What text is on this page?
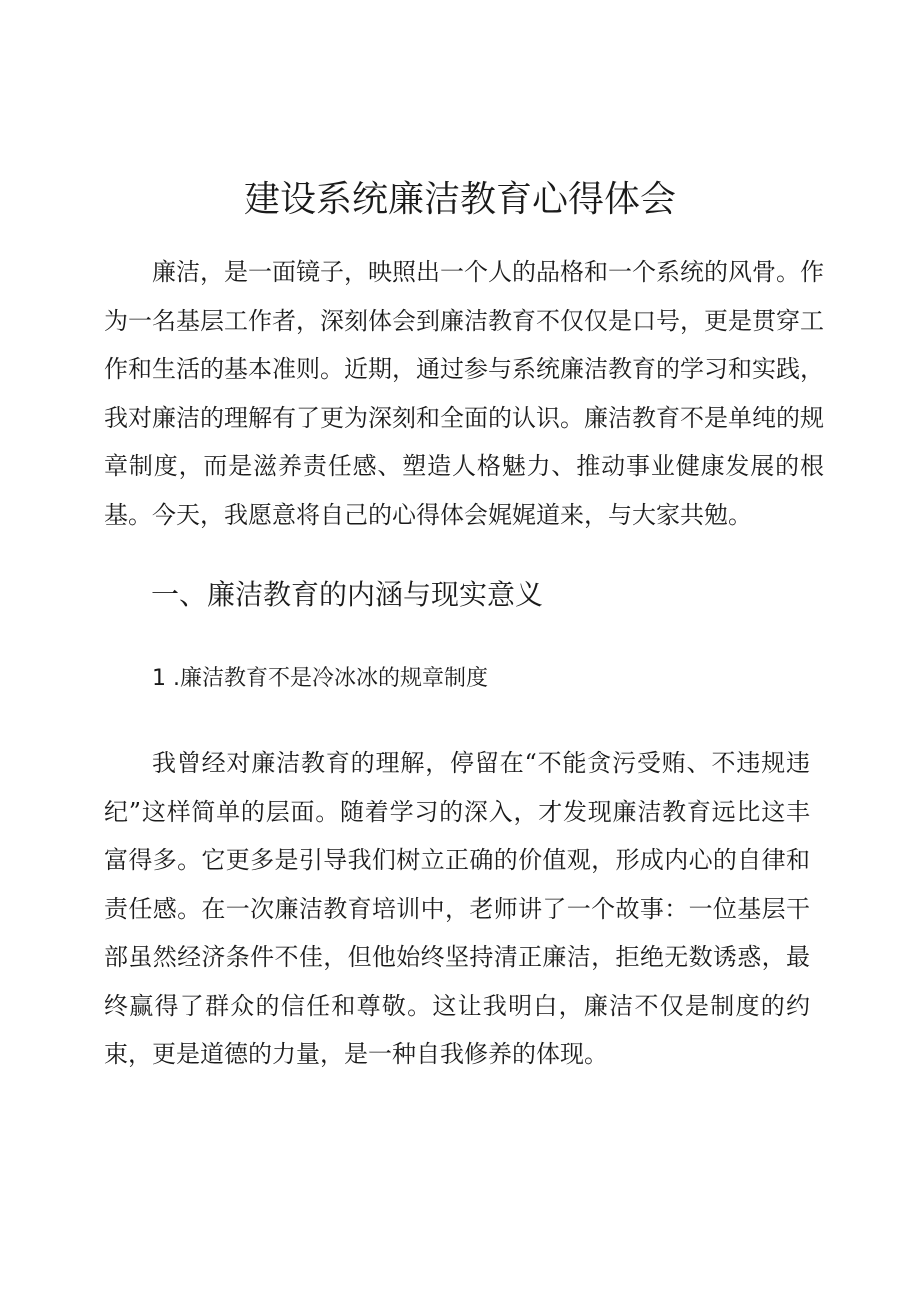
建设系统廉洁教育心得体会

廉洁，是一面镜子，映照出一个人的品格和一个系统的风骨。作为一名基层工作者，深刻体会到廉洁教育不仅仅是口号，更是贯穿工作和生活的基本准则。近期，通过参与系统廉洁教育的学习和实践，我对廉洁的理解有了更为深刻和全面的认识。廉洁教育不是单纯的规章制度，而是滋养责任感、塑造人格魅力、推动事业健康发展的根基。今天，我愿意将自己的心得体会娓娓道来，与大家共勉。

一、廉洁教育的内涵与现实意义
1 .廉洁教育不是冷冰冰的规章制度

我曾经对廉洁教育的理解，停留在“不能贪污受贿、不违规违纪”这样简单的层面。随着学习的深入，才发现廉洁教育远比这丰富得多。它更多是引导我们树立正确的价值观，形成内心的自律和责任感。在一次廉洁教育培训中，老师讲了一个故事：一位基层干部虽然经济条件不佳，但他始终坚持清正廉洁，拒绝无数诱惑，最终赢得了群众的信任和尊敬。这让我明白，廉洁不仅是制度的约束，更是道德的力量，是一种自我修养的体现。
